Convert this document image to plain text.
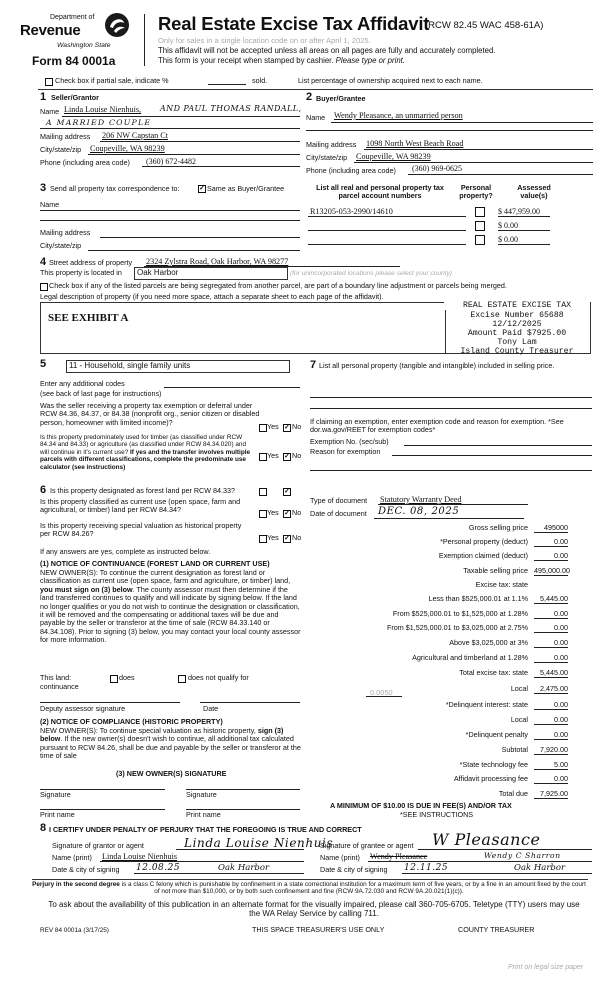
Department of
Revenue
Washington State
Form 84 0001a
Real Estate Excise Tax Affidavit
(RCW 82.45 WAC 458-61A)
Only for sales in a single location code on or after April 1, 2025.
This affidavit will not be accepted unless all areas on all pages are fully and accurately completed.
This form is your receipt when stamped by cashier. Please type or print.
Check box if partial sale, indicate %	sold.	List percentage of ownership acquired next to each name.
1 Seller/Grantor
Name Linda Louise Nienhuis, AND PAUL THOMAS RANDALL,
A MARRIED COUPLE
Mailing address 206 NW Capstan Ct
City/state/zip Coupeville, WA 98239
Phone (including area code) (360) 672-4482
2 Buyer/Grantee
Name Wendy Pleasance, an unmarried person
Mailing address 1098 North West Beach Road
City/state/zip Coupeville, WA 98239
Phone (including area code) (360) 969-0625
3 Send all property tax correspondence to:	✓ Same as Buyer/Grantee
Name
Mailing address
City/state/zip
List all real and personal property tax parcel account numbers
Personal property?
Assessed value(s)
R13205-053-2990/14610	$ 447,959.00
$ 0.00
$ 0.00
4 Street address of property 2324 Zylstra Road, Oak Harbor, WA 98277
This property is located in	Oak Harbor	(for unincorporated locations please select your county)
Check box if any of the listed parcels are being segregated from another parcel, are part of a boundary line adjustment or parcels being merged.
Legal description of property (if you need more space, attach a separate sheet to each page of the affidavit).
SEE EXHIBIT A
REAL ESTATE EXCISE TAX
Excise Number 65688
12/12/2025
Amount Paid $7925.00
Tony Lam
Island County Treasurer
5	11 - Household, single family units
Enter any additional codes
(see back of last page for instructions)
Was the seller receiving a property tax exemption or deferral under RCW 84.36, 84.37, or 84.38 (nonprofit org., senior citizen or disabled person, homeowner with limited income)?	Yes ✓ No
Is this property predominately used for timber (as classified under RCW 84.34 and 84.33) or agriculture (as classified under RCW 84.34.020) and will continue in it's current use? If yes and the transfer involves multiple parcels with different classifications, complete the predominate use calculator (see instructions)
Yes ✓ No
6 Is this property designated as forest land per RCW 84.33?	✓
Is this property classified as current use (open space, farm and agricultural, or timber) land per RCW 84.34?	Yes ✓ No
Is this property receiving special valuation as historical property per RCW 84.26?	Yes ✓ No
If any answers are yes, complete as instructed below.
(1) NOTICE OF CONTINUANCE (FOREST LAND OR CURRENT USE)
NEW OWNER(S): To continue the current designation as forest land or classification as current use (open space, farm and agriculture, or timber) land, you must sign on (3) below. The county assessor must then determine if the land transferred continues to qualify and will indicate by signing below. If the land no longer qualifies or you do not wish to continue the designation or classification, it will be removed and the compensating or additional taxes will be due and payable by the seller or transferor at the time of sale (RCW 84.33.140 or 84.34.108). Prior to signing (3) below, you may contact your local county assessor for more information.
This land:	does	does not qualify for
continuance
Deputy assessor signature	Date
(2) NOTICE OF COMPLIANCE (HISTORIC PROPERTY)
NEW OWNER(S): To continue special valuation as historic property, sign (3) below. If the new owner(s) doesn't wish to continue, all additional tax calculated pursuant to RCW 84.26, shall be due and payable by the seller or transferor at the time of sale
(3) NEW OWNER(S) SIGNATURE
Signature	Signature
Print name	Print name
7 List all personal property (tangible and intangible) included in selling price.
If claiming an exemption, enter exemption code and reason for exemption. *See dor.wa.gov/REET for exemption codes*
Exemption No. (sec/sub)
Reason for exemption
Type of document Statutory Warranty Deed
Date of document DEC. 08, 2025
Gross selling price	495000
*Personal property (deduct)	0.00
Exemption claimed (deduct)	0.00
Taxable selling price 495,000.00
Excise tax: state
Less than $525,000.01 at 1.1%	5,445.00
From $525,000.01 to $1,525,000 at 1.28%	0.00
From $1,525,000.01 to $3,025,000 at 2.75%	0.00
Above $3,025,000 at 3%	0.00
Agricultural and timberland at 1.28%	0.00
Total excise tax: state	5,445.00
Local	2,475.00
*Delinquent interest: state	0.00
Local	0.00
*Delinquent penalty	0.00
Subtotal	7,920.00
*State technology fee	5.00
Affidavit processing fee	0.00
Total due	7,925.00
0.0050
A MINIMUM OF $10.00 IS DUE IN FEE(S) AND/OR TAX
*SEE INSTRUCTIONS
8 I CERTIFY UNDER PENALTY OF PERJURY THAT THE FOREGOING IS TRUE AND CORRECT
Signature of grantor or agent	Linda Louise Nienhuis
Name (print) Linda Louise Nienhuis
Date & city of signing 12.08.25	Oak Harbor
Signature of grantee or agent W Pleasance
Name (print) Wendy Pleasance	Wendy C Sharron
Date & city of signing 12.11.25	Oak Harbor
Perjury in the second degree is a class C felony which is punishable by confinement in a state correctional institution for a maximum term of five years, or by a fine in an amount fixed by the court of not more than $10,000, or by both such confinement and fine (RCW 9A.72.030 and RCW 9A.20.021(1)(c)).
To ask about the availability of this publication in an alternate format for the visually impaired, please call 360-705-6705. Teletype (TTY) users may use the WA Relay Service by calling 711.
REV 84 0001a (3/17/25)	THIS SPACE TREASURER'S USE ONLY	COUNTY TREASURER
Print on legal size paper
